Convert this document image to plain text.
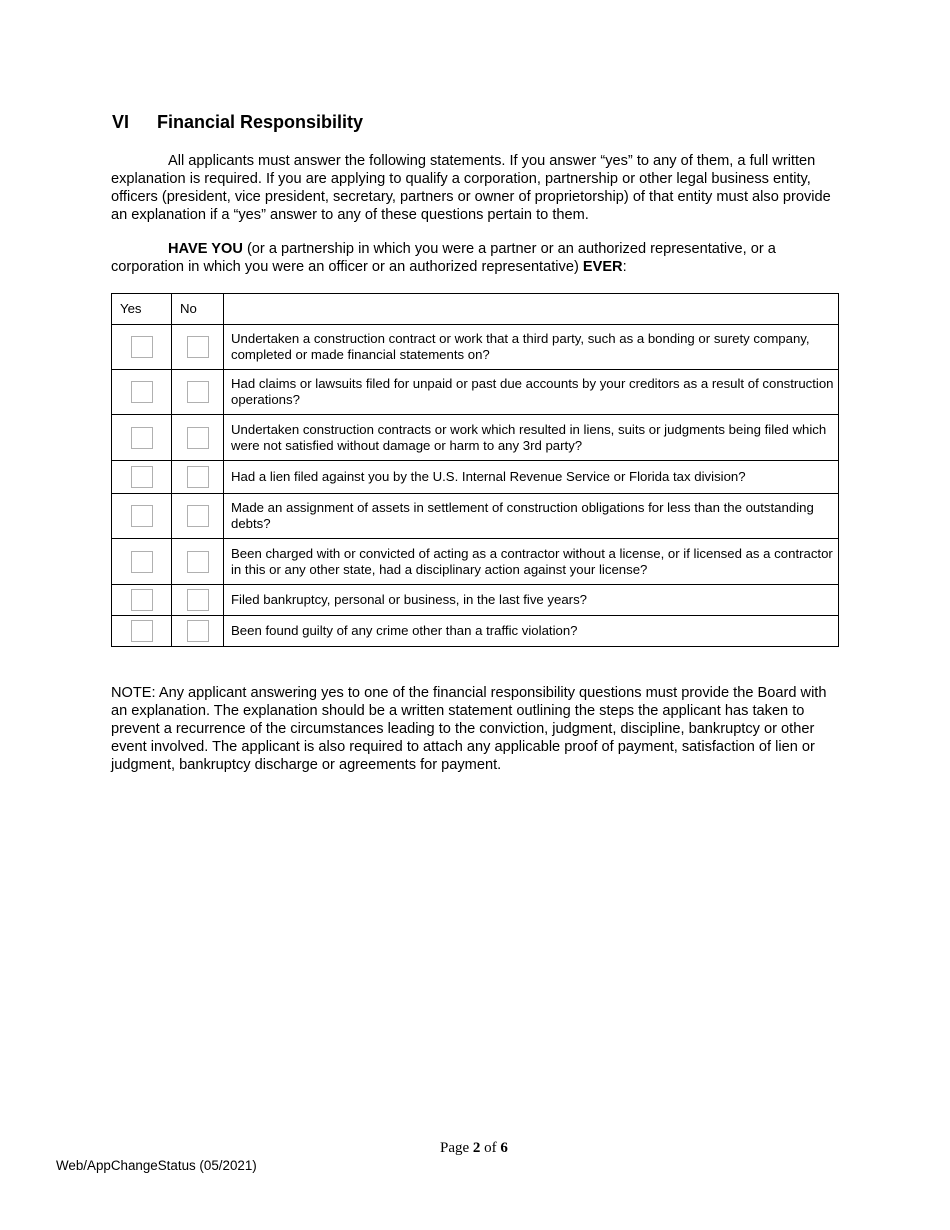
VI Financial Responsibility

All applicants must answer the following statements. If you answer “yes” to any of them, a full written explanation is required. If you are applying to qualify a corporation, partnership or other legal business entity, officers (president, vice president, secretary, partners or owner of proprietorship) of that entity must also provide an explanation if a “yes” answer to any of these questions pertain to them.

HAVE YOU (or a partnership in which you were a partner or an authorized representative, or a corporation in which you were an officer or an authorized representative) EVER:

Yes	No	
		Undertaken a construction contract or work that a third party, such as a bonding or surety company, completed or made financial statements on?
		Had claims or lawsuits filed for unpaid or past due accounts by your creditors as a result of construction operations?
		Undertaken construction contracts or work which resulted in liens, suits or judgments being filed which were not satisfied without damage or harm to any 3rd party?
		Had a lien filed against you by the U.S. Internal Revenue Service or Florida tax division?
		Made an assignment of assets in settlement of construction obligations for less than the outstanding debts?
		Been charged with or convicted of acting as a contractor without a license, or if licensed as a contractor in this or any other state, had a disciplinary action against your license?
		Filed bankruptcy, personal or business, in the last five years?
		Been found guilty of any crime other than a traffic violation?

NOTE: Any applicant answering yes to one of the financial responsibility questions must provide the Board with an explanation. The explanation should be a written statement outlining the steps the applicant has taken to prevent a recurrence of the circumstances leading to the conviction, judgment, discipline, bankruptcy or other event involved. The applicant is also required to attach any applicable proof of payment, satisfaction of lien or judgment, bankruptcy discharge or agreements for payment.

Page 2 of 6
Web/AppChangeStatus (05/2021)
